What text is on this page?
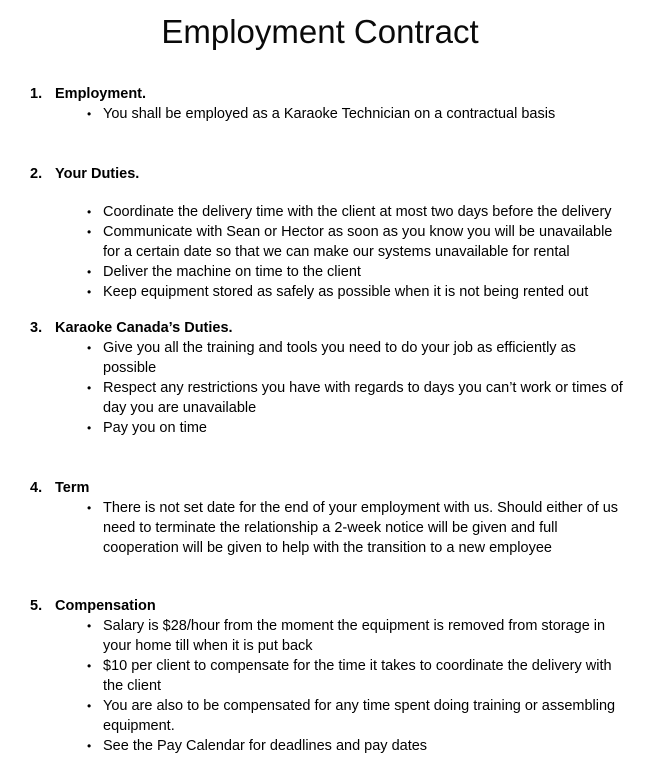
Employment Contract
1. Employment.
• You shall be employed as a Karaoke Technician on a contractual basis
2. Your Duties.
• Coordinate the delivery time with the client at most two days before the delivery
• Communicate with Sean or Hector as soon as you know you will be unavailable for a certain date so that we can make our systems unavailable for rental
• Deliver the machine on time to the client
• Keep equipment stored as safely as possible when it is not being rented out
3. Karaoke Canada’s Duties.
• Give you all the training and tools you need to do your job as efficiently as possible
• Respect any restrictions you have with regards to days you can’t work or times of day you are unavailable
• Pay you on time
4. Term
• There is not set date for the end of your employment with us. Should either of us need to terminate the relationship a 2-week notice will be given and full cooperation will be given to help with the transition to a new employee
5. Compensation
• Salary is $28/hour from the moment the equipment is removed from storage in your home till when it is put back
• $10 per client to compensate for the time it takes to coordinate the delivery with the client
• You are also to be compensated for any time spent doing training or assembling equipment.
• See the Pay Calendar for deadlines and pay dates
